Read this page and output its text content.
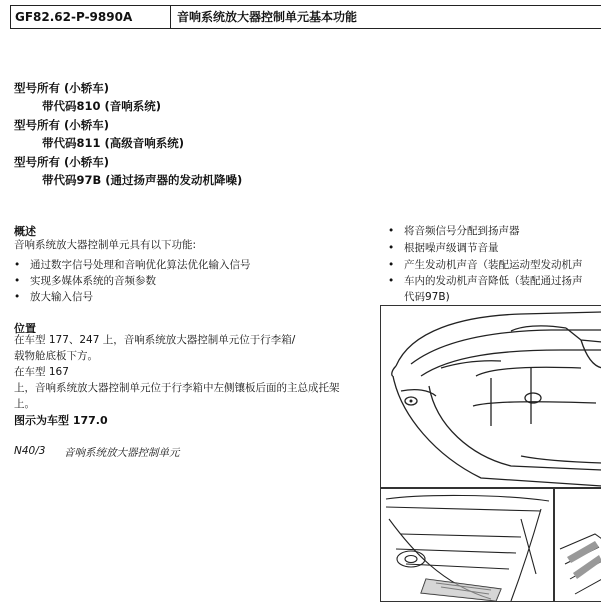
GF82.62-P-9890A	音响系统放大器控制单元基本功能
型号所有 (小轿车)
带代码810 (音响系统)
型号所有 (小轿车)
带代码811 (高级音响系统)
型号所有 (小轿车)
带代码97B (通过扬声器的发动机降噪)
概述
音响系统放大器控制单元具有以下功能:
• 通过数字信号处理和音响优化算法优化输入信号
• 实现多媒体系统的音频参数
• 放大输入信号
• 将音频信号分配到扬声器
• 根据噪声级调节音量
• 产生发动机声音（装配运动型发动机声
• 车内的发动机声音降低（装配通过扬声
代码97B)
位置
在车型 177、247 上，音响系统放大器控制单元位于行李箱/
载物舱底板下方。
在车型 167
上，音响系统放大器控制单元位于行李箱中左侧镶板后面的主总成托架
上。
图示为车型 177.0
N40/3 音响系统放大器控制单元
